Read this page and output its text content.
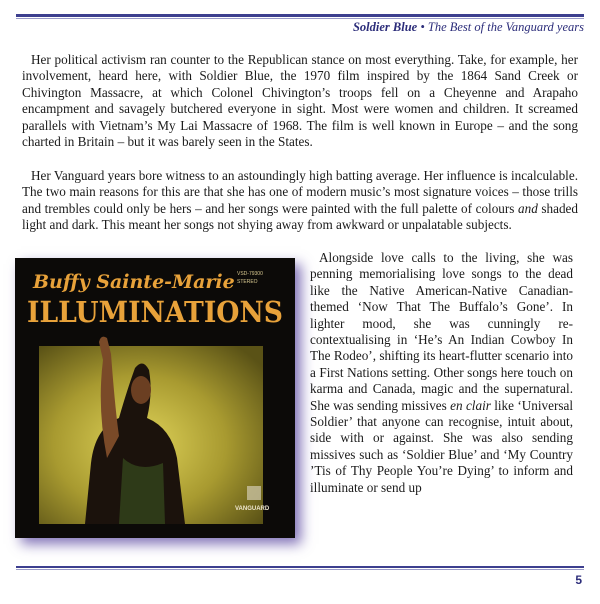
Soldier Blue • The Best of the Vanguard years

Her political activism ran counter to the Republican stance on most everything. Take, for example, her involvement, heard here, with Soldier Blue, the 1970 film inspired by the 1864 Sand Creek or Chivington Massacre, at which Colonel Chivington’s troops fell on a Cheyenne and Arapaho encampment and savagely butchered everyone in sight. Most were women and children. It screamed parallels with Vietnam’s My Lai Massacre of 1968. The film is well known in Europe – and the song charted in Britain – but it was barely seen in the States.

Her Vanguard years bore witness to an astoundingly high batting average. Her influence is incalculable. The two main reasons for this are that she has one of modern music’s most signature voices – those trills and trembles could only be hers – and her songs were painted with the full palette of colours and shaded light and dark. This meant her songs not shying away from awkward or unpalatable subjects.

Buffy Sainte-Marie
ILLUMINATIONS
VSD-79300
STEREO
VANGUARD

Alongside love calls to the living, she was penning memorialising love songs to the dead like the Native American-Native Canadian-themed ‘Now That The Buffalo’s Gone’. In lighter mood, she was cunningly re-contextualising in ‘He’s An Indian Cowboy In The Rodeo’, shifting its heart-flutter scenario into a First Nations setting. Other songs here touch on karma and Canada, magic and the supernatural. She was sending missives en clair like ‘Universal Soldier’ that anyone can recognise, intuit about, side with or against. She was also sending missives such as ‘Soldier Blue’ and ‘My Country ’Tis of Thy People You’re Dying’ to inform and illuminate or send up

5
